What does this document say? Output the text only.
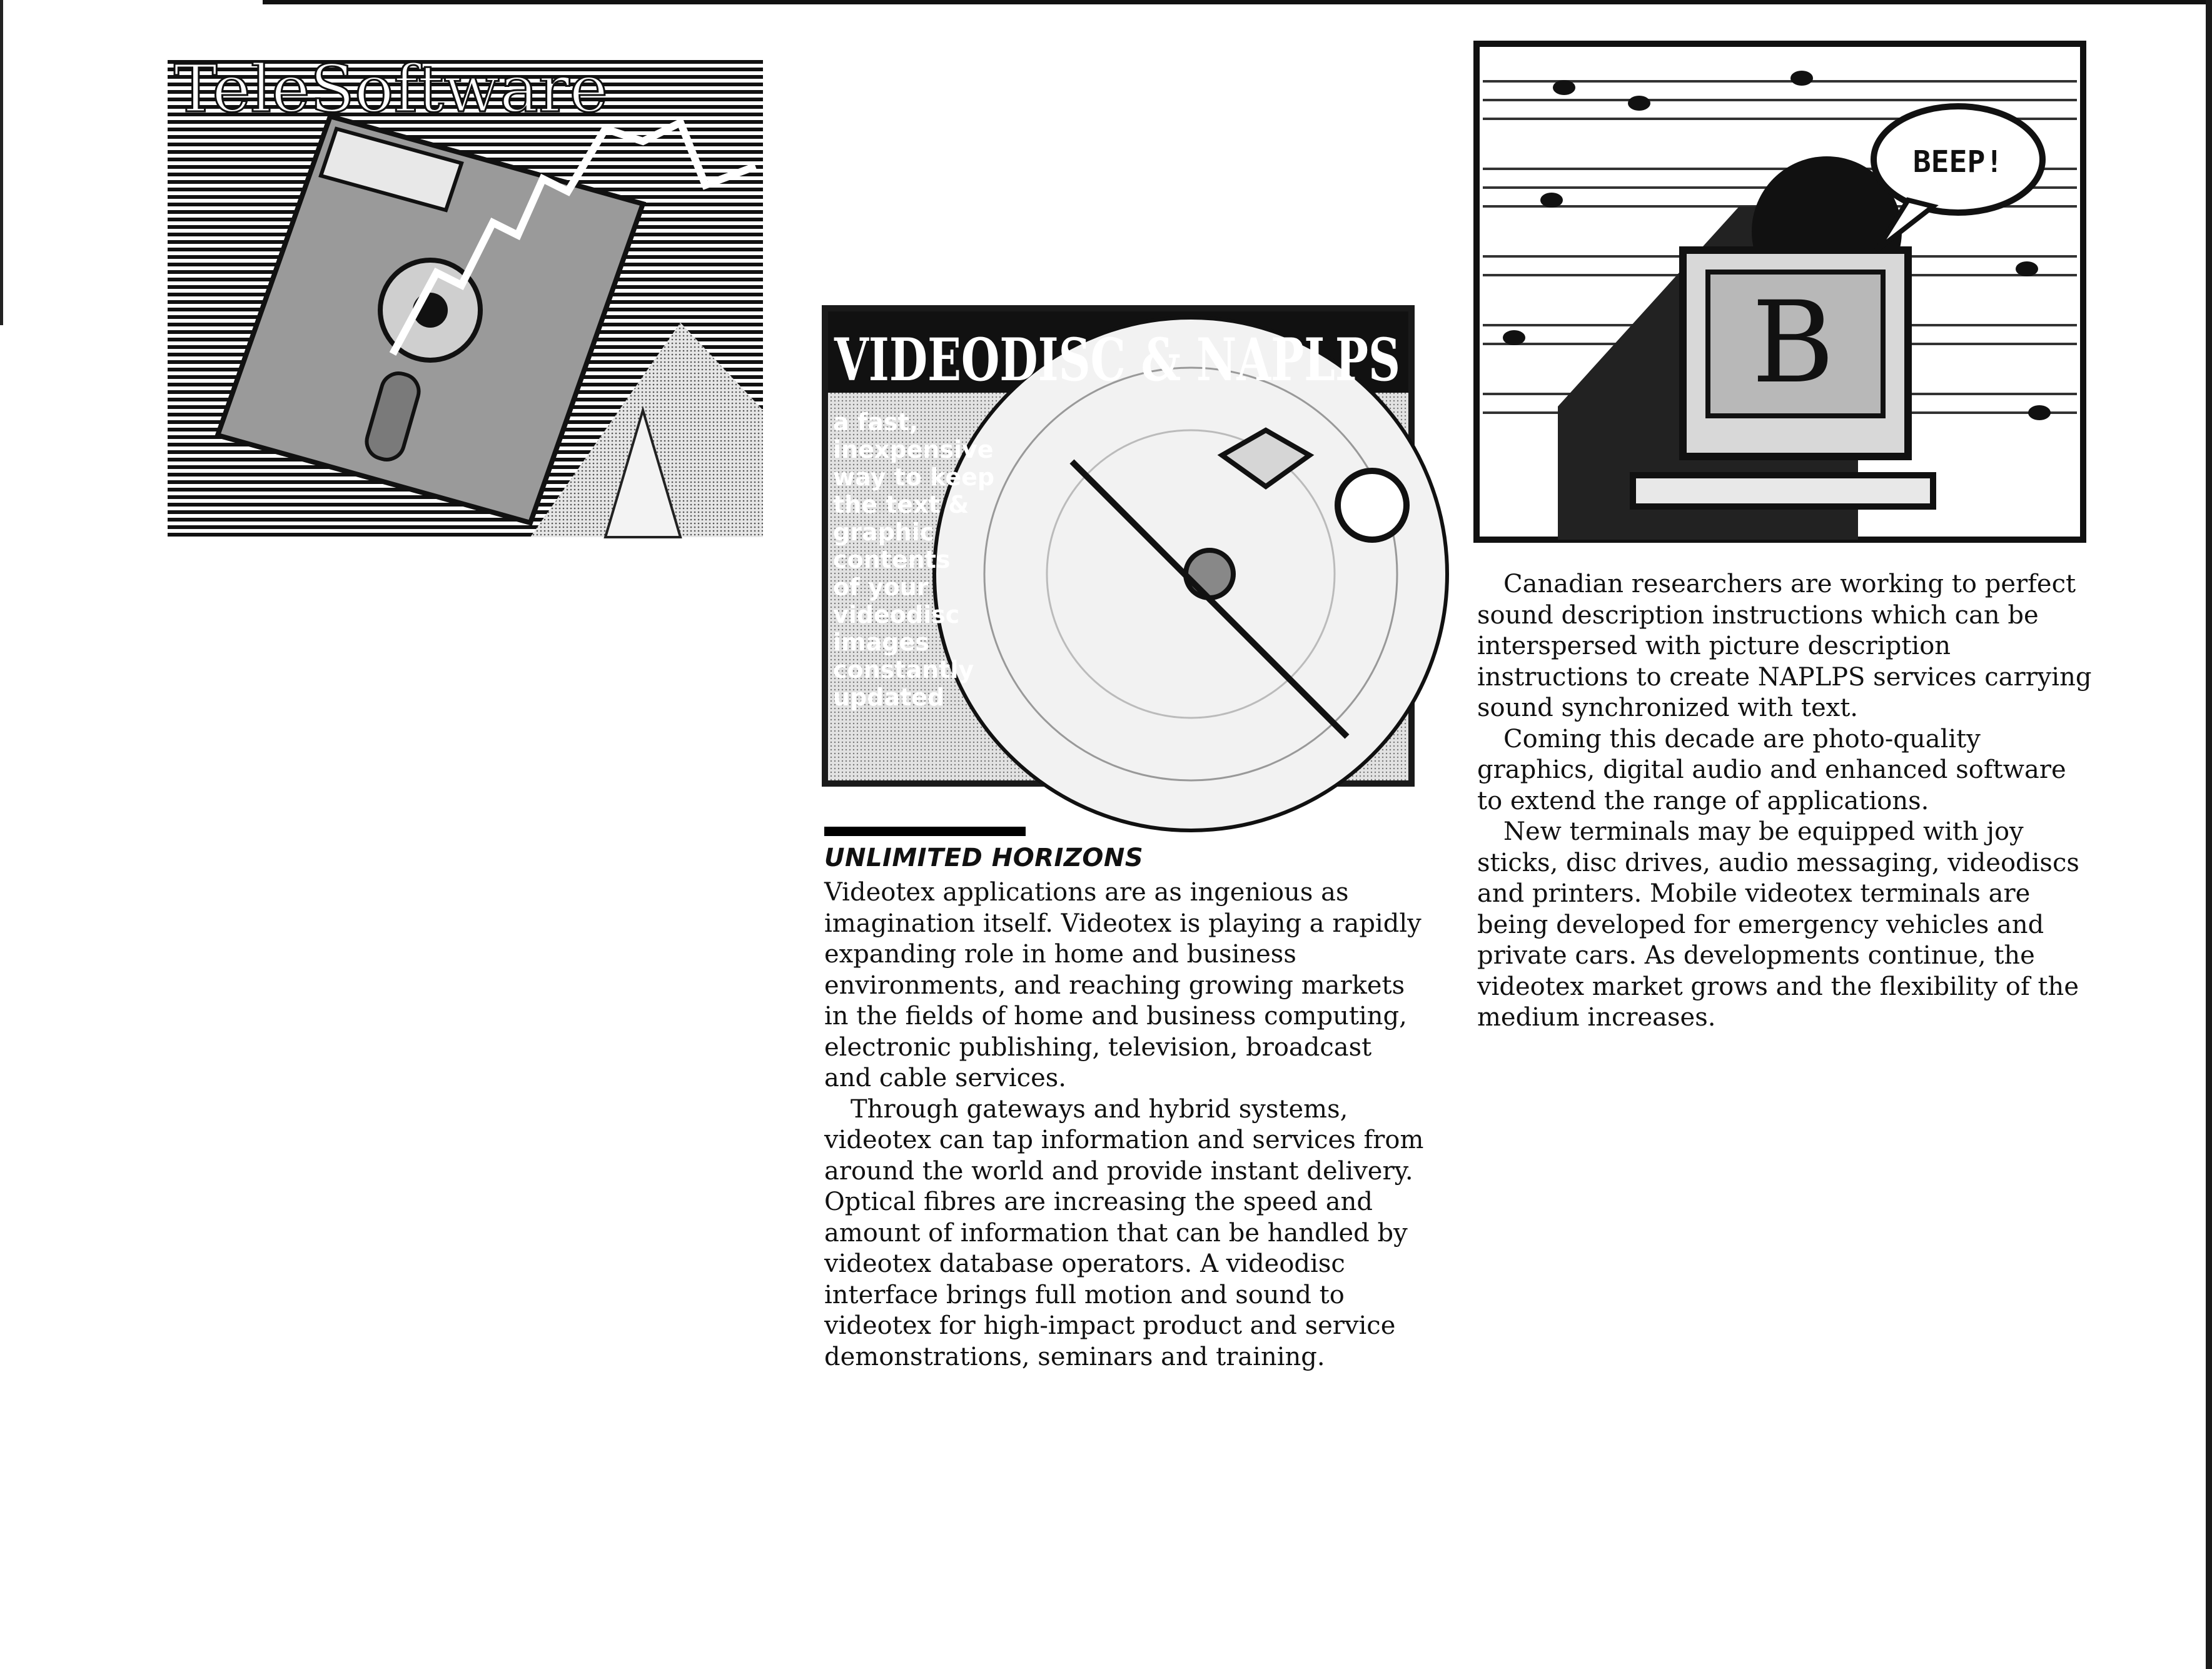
TeleSoftware
VIDEODISC & NAPLPS
a fast,
inexpensive
way to keep
the text &
graphic
contents
of your
videodisc
images
constantly
updated
B
BEEP!
UNLIMITED HORIZONS

Videotex applications are as ingenious as imagination itself. Videotex is playing a rapidly expanding role in home and business environments, and reaching growing markets in the fields of home and business computing, electronic publishing, television, broadcast and cable services.

Through gateways and hybrid systems, videotex can tap information and services from around the world and provide instant delivery. Optical fibres are increasing the speed and amount of information that can be handled by videotex database operators. A videodisc interface brings full motion and sound to videotex for high-impact product and service demonstrations, seminars and training.

Canadian researchers are working to perfect sound description instructions which can be interspersed with picture description instructions to create NAPLPS services carrying sound synchronized with text.

Coming this decade are photo-quality graphics, digital audio and enhanced software to extend the range of applications.

New terminals may be equipped with joy sticks, disc drives, audio messaging, videodiscs and printers. Mobile videotex terminals are being developed for emergency vehicles and private cars. As developments continue, the videotex market grows and the flexibility of the medium increases.
